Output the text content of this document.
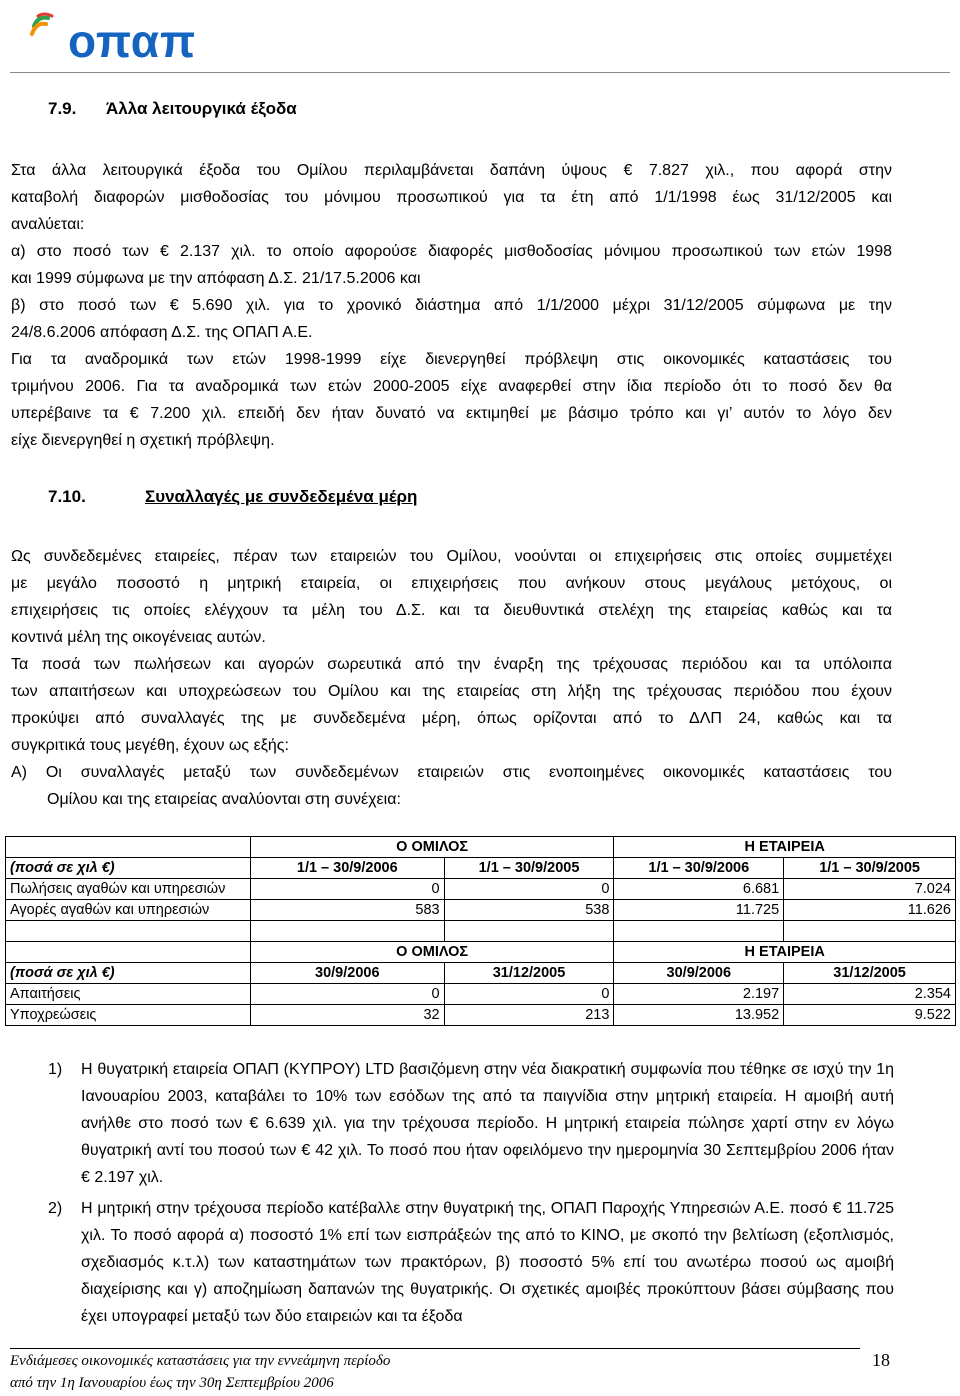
οπαπ
7.9. Άλλα λειτουργικά έξοδα
Στα άλλα λειτουργικά έξοδα του Ομίλου περιλαμβάνεται δαπάνη ύψους € 7.827 χιλ., που αφορά στην
καταβολή διαφορών μισθοδοσίας του μόνιμου προσωπικού για τα έτη από 1/1/1998 έως 31/12/2005 και
αναλύεται:
α) στο ποσό των € 2.137 χιλ. το οποίο αφορούσε διαφορές μισθοδοσίας μόνιμου προσωπικού των ετών 1998
και 1999 σύμφωνα με την απόφαση Δ.Σ. 21/17.5.2006 και
β) στο ποσό των € 5.690 χιλ. για το χρονικό διάστημα από 1/1/2000 μέχρι 31/12/2005 σύμφωνα με την
24/8.6.2006 απόφαση Δ.Σ. της ΟΠΑΠ Α.Ε.
Για τα αναδρομικά των ετών 1998-1999 είχε διενεργηθεί πρόβλεψη στις οικονομικές καταστάσεις του
τριμήνου 2006. Για τα αναδρομικά των ετών 2000-2005 είχε αναφερθεί στην ίδια περίοδο ότι το ποσό δεν θα
υπερέβαινε τα € 7.200 χιλ. επειδή δεν ήταν δυνατό να εκτιμηθεί με βάσιμο τρόπο και γι’ αυτόν το λόγο δεν
είχε διενεργηθεί η σχετική πρόβλεψη.
7.10.	Συναλλαγές με συνδεδεμένα μέρη
Ως συνδεδεμένες εταιρείες, πέραν των εταιρειών του Ομίλου, νοούνται οι επιχειρήσεις στις οποίες συμμετέχει
με μεγάλο ποσοστό η μητρική εταιρεία, οι επιχειρήσεις που ανήκουν στους μεγάλους μετόχους, οι
επιχειρήσεις τις οποίες ελέγχουν τα μέλη του Δ.Σ. και τα διευθυντικά στελέχη της εταιρείας καθώς και τα
κοντινά μέλη της οικογένειας αυτών.
Τα ποσά των πωλήσεων και αγορών σωρευτικά από την έναρξη της τρέχουσας περιόδου και τα υπόλοιπα
των απαιτήσεων και υποχρεώσεων του Ομίλου και της εταιρείας στη λήξη της τρέχουσας περιόδου που έχουν
προκύψει από συναλλαγές της με συνδεδεμένα μέρη, όπως ορίζονται από το ΔΛΠ 24, καθώς και τα
συγκριτικά τους μεγέθη, έχουν ως εξής:
Α) Οι συναλλαγές μεταξύ των συνδεδεμένων εταιρειών στις ενοποιημένες οικονομικές καταστάσεις του
Ομίλου και της εταιρείας αναλύονται στη συνέχεια:
	Ο ΟΜΙΛΟΣ		Η ΕΤΑΙΡΕΙΑ	
(ποσά σε χιλ €)	1/1 – 30/9/2006	1/1 – 30/9/2005	1/1 – 30/9/2006	1/1 – 30/9/2005
Πωλήσεις αγαθών και υπηρεσιών	0	0	6.681	7.024
Αγορές αγαθών και υπηρεσιών	583	538	11.725	11.626

	Ο ΟΜΙΛΟΣ		Η ΕΤΑΙΡΕΙΑ	
(ποσά σε χιλ €)	30/9/2006	31/12/2005	30/9/2006	31/12/2005
Απαιτήσεις	0	0	2.197	2.354
Υποχρεώσεις	32	213	13.952	9.522
1) Η θυγατρική εταιρεία ΟΠΑΠ (ΚΥΠΡΟΥ) LTD βασιζόμενη στην νέα διακρατική συμφωνία που τέθηκε σε ισχύ την 1η Ιανουαρίου 2003, καταβάλει το 10% των εσόδων της από τα παιγνίδια στην μητρική εταιρεία. Η αμοιβή αυτή ανήλθε στο ποσό των € 6.639 χιλ. για την τρέχουσα περίοδο. Η μητρική εταιρεία πώλησε χαρτί στην εν λόγω θυγατρική αντί του ποσού των € 42 χιλ. Το ποσό που ήταν οφειλόμενο την ημερομηνία 30 Σεπτεμβρίου 2006 ήταν € 2.197 χιλ.
2) Η μητρική στην τρέχουσα περίοδο κατέβαλλε στην θυγατρική της, ΟΠΑΠ Παροχής Υπηρεσιών Α.Ε. ποσό € 11.725 χιλ. Το ποσό αφορά α) ποσοστό 1% επί των εισπράξεών της από το ΚΙΝΟ, με σκοπό την βελτίωση (εξοπλισμός, σχεδιασμός κ.τ.λ) των καταστημάτων των πρακτόρων, β) ποσοστό 5% επί του ανωτέρω ποσού ως αμοιβή διαχείρισης και γ) αποζημίωση δαπανών της θυγατρικής. Οι σχετικές αμοιβές προκύπτουν βάσει σύμβασης που έχει υπογραφεί μεταξύ των δύο εταιρειών και τα έξοδα
Ενδιάμεσες οικονομικές καταστάσεις για την εννεάμηνη περίοδο
από την 1η Ιανουαρίου έως την 30η Σεπτεμβρίου 2006
18
